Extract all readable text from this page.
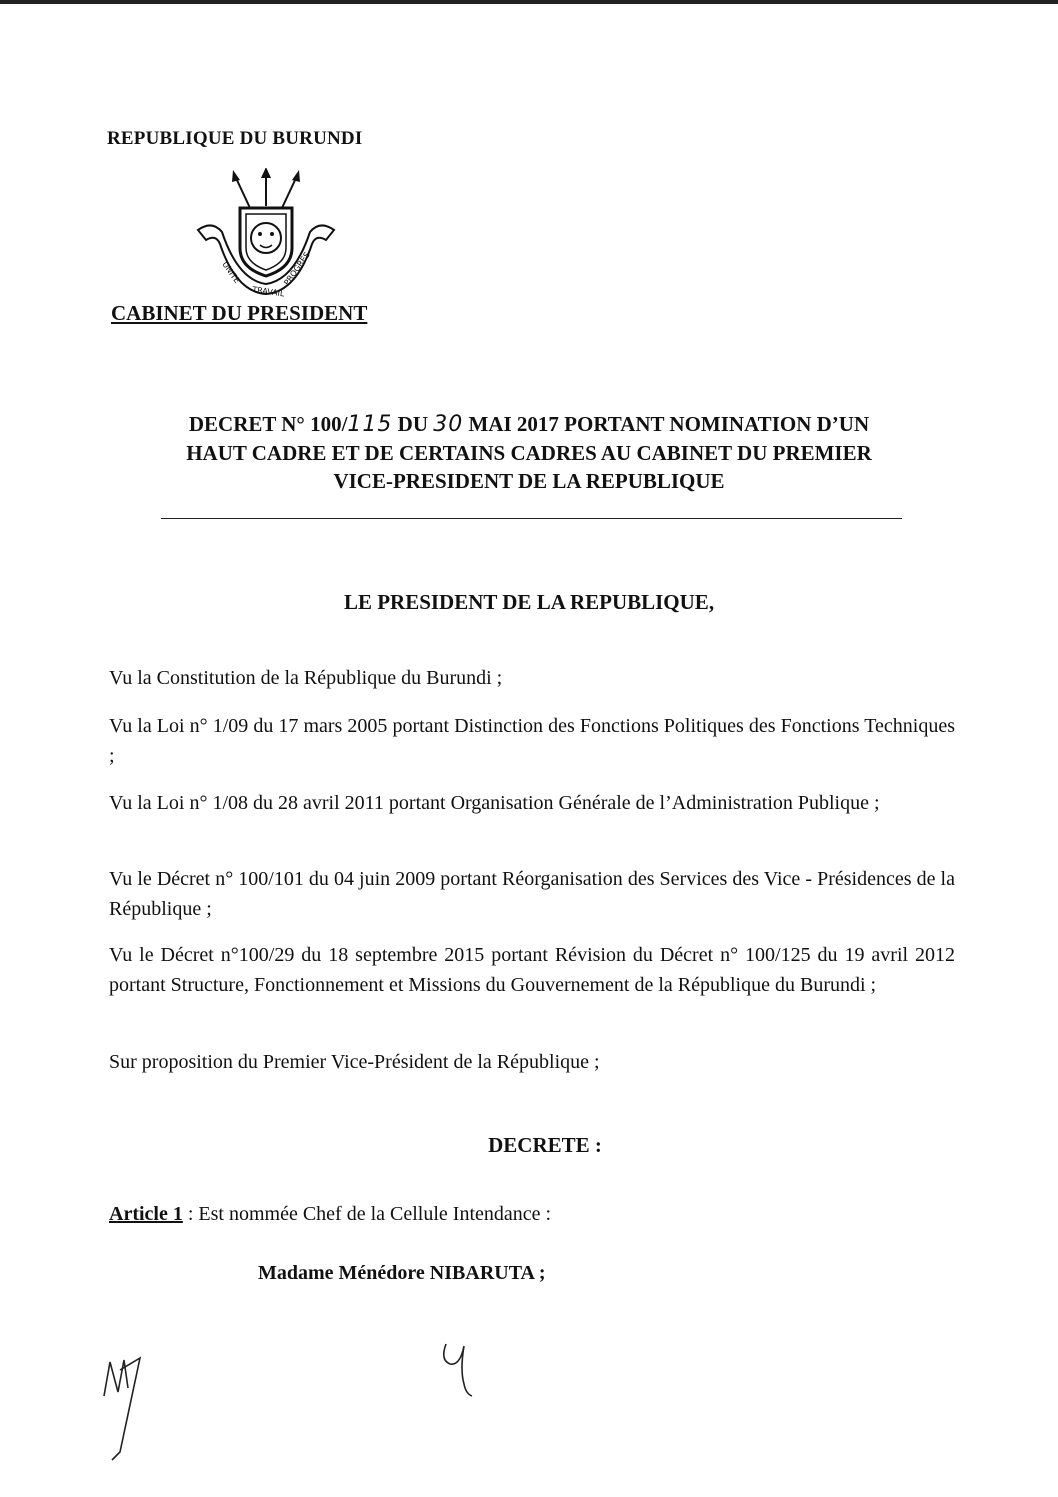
REPUBLIQUE DU BURUNDI
UNITE
TRAVAIL
PROGRES
CABINET DU PRESIDENT
DECRET N° 100/115 DU 30 MAI 2017 PORTANT NOMINATION D’UN
HAUT CADRE ET DE CERTAINS CADRES AU CABINET DU PREMIER
VICE-PRESIDENT DE LA REPUBLIQUE
LE PRESIDENT DE LA REPUBLIQUE,
Vu la Constitution de la République du Burundi ;
Vu la Loi n° 1/09 du 17 mars 2005 portant Distinction des Fonctions Politiques des Fonctions Techniques ;
Vu la Loi n° 1/08 du 28 avril 2011 portant Organisation Générale de l’Administration Publique ;
Vu le Décret n° 100/101 du 04 juin 2009 portant Réorganisation des Services des Vice - Présidences de la République ;
Vu le Décret n°100/29 du 18 septembre 2015 portant Révision du Décret n° 100/125 du 19 avril 2012 portant Structure, Fonctionnement et Missions du Gouvernement de la République du Burundi ;
Sur proposition du Premier Vice-Président de la République ;
DECRETE :
Article 1 : Est nommée Chef de la Cellule Intendance :
Madame Ménédore NIBARUTA ;
